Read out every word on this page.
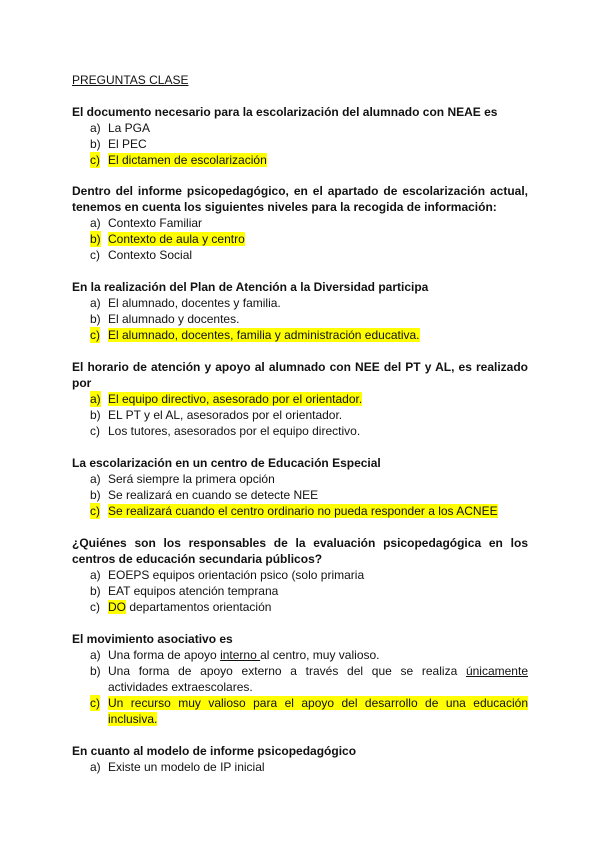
PREGUNTAS CLASE
El documento necesario para la escolarización del alumnado con NEAE es
a) La PGA
b) El PEC
c) El dictamen de escolarización
Dentro del informe psicopedagógico, en el apartado de escolarización actual, tenemos en cuenta los siguientes niveles para la recogida de información:
a) Contexto Familiar
b) Contexto de aula y centro
c) Contexto Social
En la realización del Plan de Atención a la Diversidad participa
a) El alumnado, docentes y familia.
b) El alumnado y docentes.
c) El alumnado, docentes, familia y administración educativa.
El horario de atención y apoyo al alumnado con NEE del PT y AL, es realizado por
a) El equipo directivo, asesorado por el orientador.
b) EL PT y el AL, asesorados por el orientador.
c) Los tutores, asesorados por el equipo directivo.
La escolarización en un centro de Educación Especial
a) Será siempre la primera opción
b) Se realizará en cuando se detecte NEE
c) Se realizará cuando el centro ordinario no pueda responder a los ACNEE
¿Quiénes son los responsables de la evaluación psicopedagógica en los centros de educación secundaria públicos?
a) EOEPS equipos orientación psico (solo primaria
b) EAT equipos atención temprana
c) DO departamentos orientación
El movimiento asociativo es
a) Una forma de apoyo interno al centro, muy valioso.
b) Una forma de apoyo externo a través del que se realiza únicamente actividades extraescolares.
c) Un recurso muy valioso para el apoyo del desarrollo de una educación inclusiva.
En cuanto al modelo de informe psicopedagógico
a) Existe un modelo de IP inicial
